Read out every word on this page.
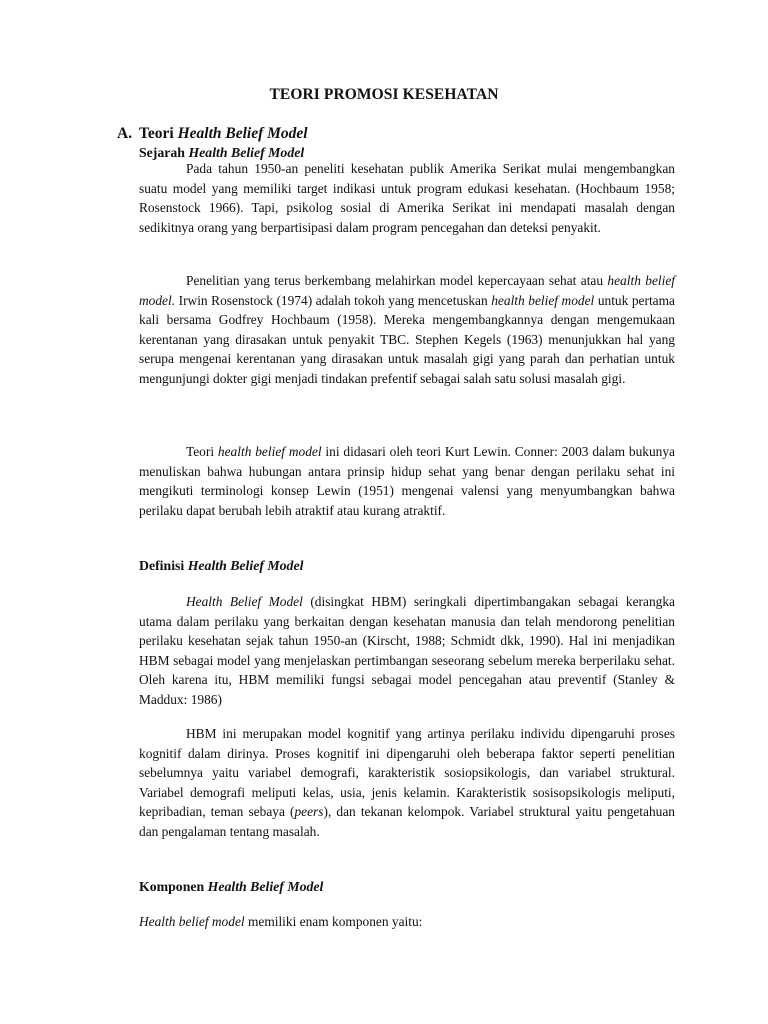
TEORI PROMOSI KESEHATAN
A. Teori Health Belief Model
Sejarah Health Belief Model

Pada tahun 1950-an peneliti kesehatan publik Amerika Serikat mulai mengembangkan suatu model yang memiliki target indikasi untuk program edukasi kesehatan. (Hochbaum 1958; Rosenstock 1966). Tapi, psikolog sosial di Amerika Serikat ini mendapati masalah dengan sedikitnya orang yang berpartisipasi dalam program pencegahan dan deteksi penyakit.

Penelitian yang terus berkembang melahirkan model kepercayaan sehat atau health belief model. Irwin Rosenstock (1974) adalah tokoh yang mencetuskan health belief model untuk pertama kali bersama Godfrey Hochbaum (1958). Mereka mengembangkannya dengan mengemukaan kerentanan yang dirasakan untuk penyakit TBC. Stephen Kegels (1963) menunjukkan hal yang serupa mengenai kerentanan yang dirasakan untuk masalah gigi yang parah dan perhatian untuk mengunjungi dokter gigi menjadi tindakan prefentif sebagai salah satu solusi masalah gigi.

Teori health belief model ini didasari oleh teori Kurt Lewin. Conner: 2003 dalam bukunya menuliskan bahwa hubungan antara prinsip hidup sehat yang benar dengan perilaku sehat ini mengikuti terminologi konsep Lewin (1951) mengenai valensi yang menyumbangkan bahwa perilaku dapat berubah lebih atraktif atau kurang atraktif.

Definisi Health Belief Model

Health Belief Model (disingkat HBM) seringkali dipertimbangakan sebagai kerangka utama dalam perilaku yang berkaitan dengan kesehatan manusia dan telah mendorong penelitian perilaku kesehatan sejak tahun 1950-an (Kirscht, 1988; Schmidt dkk, 1990). Hal ini menjadikan HBM sebagai model yang menjelaskan pertimbangan seseorang sebelum mereka berperilaku sehat. Oleh karena itu, HBM memiliki fungsi sebagai model pencegahan atau preventif (Stanley & Maddux: 1986)

HBM ini merupakan model kognitif yang artinya perilaku individu dipengaruhi proses kognitif dalam dirinya. Proses kognitif ini dipengaruhi oleh beberapa faktor seperti penelitian sebelumnya yaitu variabel demografi, karakteristik sosiopsikologis, dan variabel struktural. Variabel demografi meliputi kelas, usia, jenis kelamin. Karakteristik sosisopsikologis meliputi, kepribadian, teman sebaya (peers), dan tekanan kelompok. Variabel struktural yaitu pengetahuan dan pengalaman tentang masalah.

Komponen Health Belief Model

Health belief model memiliki enam komponen yaitu:
